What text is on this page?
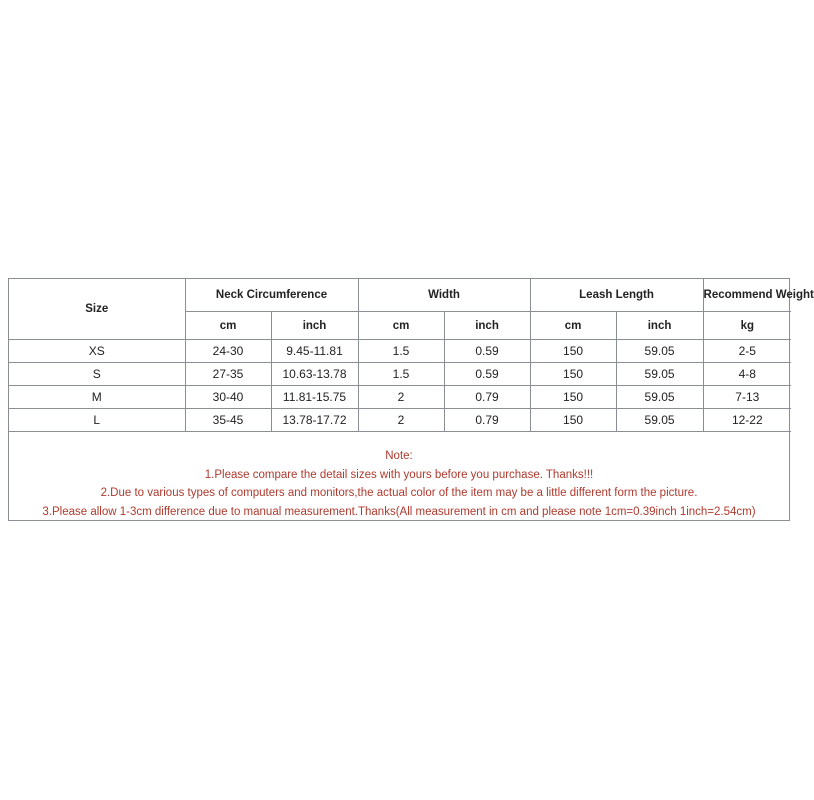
Size	Neck Circumference		Width		Leash Length		Recommend Weight
	cm	inch	cm	inch	cm	inch	kg
XS	24-30	9.45-11.81	1.5	0.59	150	59.05	2-5
S	27-35	10.63-13.78	1.5	0.59	150	59.05	4-8
M	30-40	11.81-15.75	2	0.79	150	59.05	7-13
L	35-45	13.78-17.72	2	0.79	150	59.05	12-22
Note:
1.Please compare the detail sizes with yours before you purchase. Thanks!!!
2.Due to various types of computers and monitors,the actual color of the item may be a little different form the picture.
3.Please allow 1-3cm difference due to manual measurement.Thanks(All measurement in cm and please note 1cm=0.39inch 1inch=2.54cm)
